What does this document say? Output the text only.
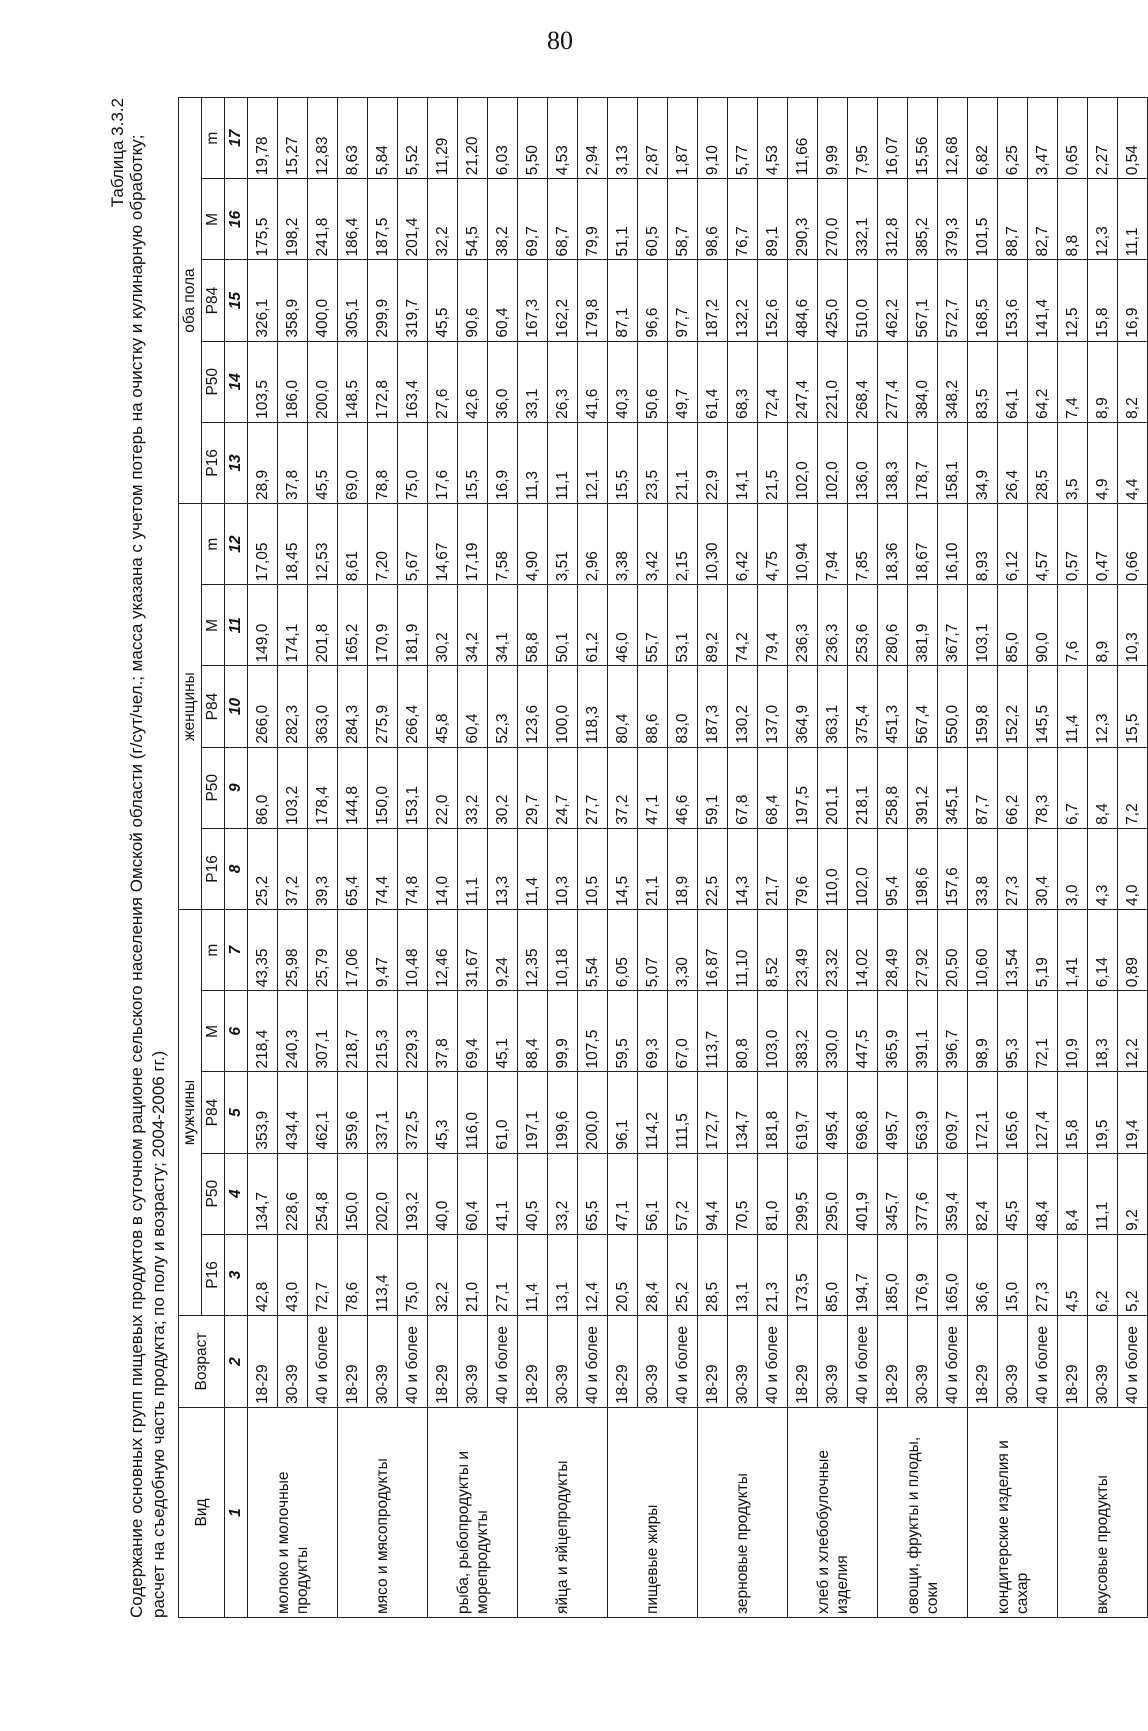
80
Таблица 3.3.2 Содержание основных групп пищевых продуктов в суточном рационе сельского населения Омской области (г/сут/чел.; масса указана с учетом потерь на очистку и кулинарную обработку; расчет на съедобную часть продукта; по полу и возрасту; 2004-2006 гг.) Вид	Возраст	мужчины					женщины					оба пола				
		P16	P50	P84	M	m	P16	P50	P84	M	m	P16	P50	P84	M	m
1	2	3	4	5	6	7	8	9	10	11	12	13	14	15	16	17
молоко и молочные продукты	18-29	42,8	134,7	353,9	218,4	43,35	25,2	86,0	266,0	149,0	17,05	28,9	103,5	326,1	175,5	19,78
	30-39	43,0	228,6	434,4	240,3	25,98	37,2	103,2	282,3	174,1	18,45	37,8	186,0	358,9	198,2	15,27
	40 и более	72,7	254,8	462,1	307,1	25,79	39,3	178,4	363,0	201,8	12,53	45,5	200,0	400,0	241,8	12,83
мясо и мясопродукты	18-29	78,6	150,0	359,6	218,7	17,06	65,4	144,8	284,3	165,2	8,61	69,0	148,5	305,1	186,4	8,63
	30-39	113,4	202,0	337,1	215,3	9,47	74,4	150,0	275,9	170,9	7,20	78,8	172,8	299,9	187,5	5,84
	40 и более	75,0	193,2	372,5	229,3	10,48	74,8	153,1	266,4	181,9	5,67	75,0	163,4	319,7	201,4	5,52
рыба, рыбопродукты и морепродукты	18-29	32,2	40,0	45,3	37,8	12,46	14,0	22,0	45,8	30,2	14,67	17,6	27,6	45,5	32,2	11,29
	30-39	21,0	60,4	116,0	69,4	31,67	11,1	33,2	60,4	34,2	17,19	15,5	42,6	90,6	54,5	21,20
	40 и более	27,1	41,1	61,0	45,1	9,24	13,3	30,2	52,3	34,1	7,58	16,9	36,0	60,4	38,2	6,03
яйца и яйцепродукты	18-29	11,4	40,5	197,1	88,4	12,35	11,4	29,7	123,6	58,8	4,90	11,3	33,1	167,3	69,7	5,50
	30-39	13,1	33,2	199,6	99,9	10,18	10,3	24,7	100,0	50,1	3,51	11,1	26,3	162,2	68,7	4,53
	40 и более	12,4	65,5	200,0	107,5	5,54	10,5	27,7	118,3	61,2	2,96	12,1	41,6	179,8	79,9	2,94
пищевые жиры	18-29	20,5	47,1	96,1	59,5	6,05	14,5	37,2	80,4	46,0	3,38	15,5	40,3	87,1	51,1	3,13
	30-39	28,4	56,1	114,2	69,3	5,07	21,1	47,1	88,6	55,7	3,42	23,5	50,6	96,6	60,5	2,87
	40 и более	25,2	57,2	111,5	67,0	3,30	18,9	46,6	83,0	53,1	2,15	21,1	49,7	97,7	58,7	1,87
зерновые продукты	18-29	28,5	94,4	172,7	113,7	16,87	22,5	59,1	187,3	89,2	10,30	22,9	61,4	187,2	98,6	9,10
	30-39	13,1	70,5	134,7	80,8	11,10	14,3	67,8	130,2	74,2	6,42	14,1	68,3	132,2	76,7	5,77
	40 и более	21,3	81,0	181,8	103,0	8,52	21,7	68,4	137,0	79,4	4,75	21,5	72,4	152,6	89,1	4,53
хлеб и хлебобулочные изделия	18-29	173,5	299,5	619,7	383,2	23,49	79,6	197,5	364,9	236,3	10,94	102,0	247,4	484,6	290,3	11,66
	30-39	85,0	295,0	495,4	330,0	23,32	110,0	201,1	363,1	236,3	7,94	102,0	221,0	425,0	270,0	9,99
	40 и более	194,7	401,9	696,8	447,5	14,02	102,0	218,1	375,4	253,6	7,85	136,0	268,4	510,0	332,1	7,95
овощи, фрукты и плоды, соки	18-29	185,0	345,7	495,7	365,9	28,49	95,4	258,8	451,3	280,6	18,36	138,3	277,4	462,2	312,8	16,07
	30-39	176,9	377,6	563,9	391,1	27,92	198,6	391,2	567,4	381,9	18,67	178,7	384,0	567,1	385,2	15,56
	40 и более	165,0	359,4	609,7	396,7	20,50	157,6	345,1	550,0	367,7	16,10	158,1	348,2	572,7	379,3	12,68
кондитерские изделия и сахар	18-29	36,6	82,4	172,1	98,9	10,60	33,8	87,7	159,8	103,1	8,93	34,9	83,5	168,5	101,5	6,82
	30-39	15,0	45,5	165,6	95,3	13,54	27,3	66,2	152,2	85,0	6,12	26,4	64,1	153,6	88,7	6,25
	40 и более	27,3	48,4	127,4	72,1	5,19	30,4	78,3	145,5	90,0	4,57	28,5	64,2	141,4	82,7	3,47
вкусовые продукты	18-29	4,5	8,4	15,8	10,9	1,41	3,0	6,7	11,4	7,6	0,57	3,5	7,4	12,5	8,8	0,65
	30-39	6,2	11,1	19,5	18,3	6,14	4,3	8,4	12,3	8,9	0,47	4,9	8,9	15,8	12,3	2,27
	40 и более	5,2	9,2	19,4	12,2	0,89	4,0	7,2	15,5	10,3	0,66	4,4	8,2	16,9	11,1	0,54
